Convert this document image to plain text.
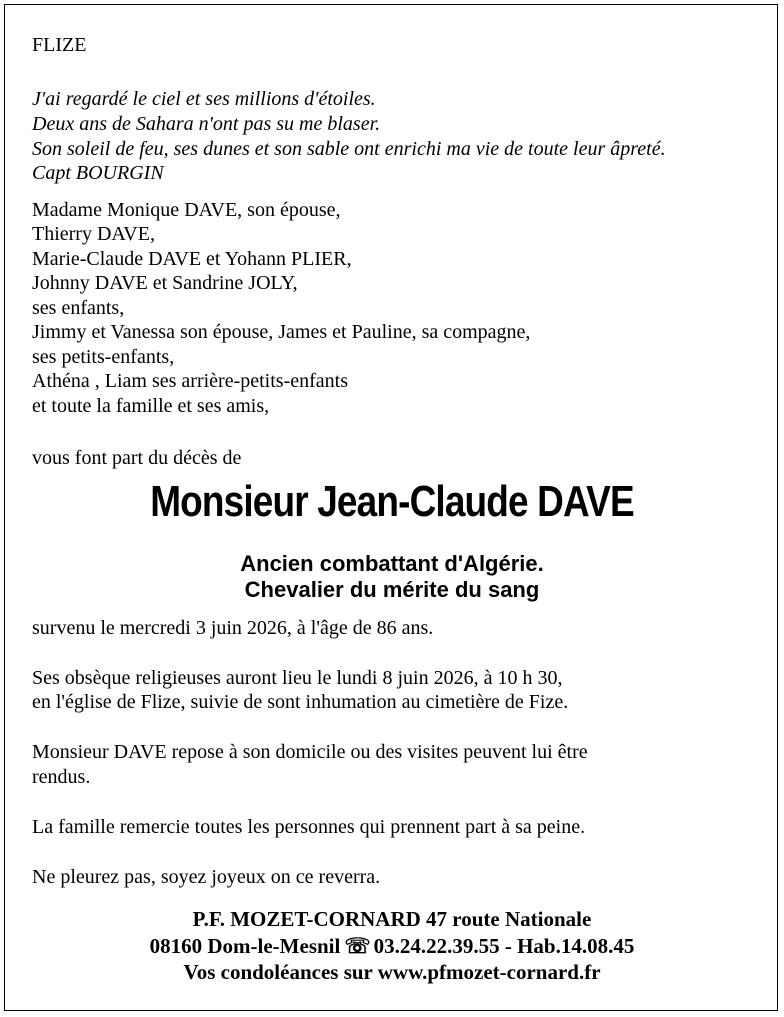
FLIZE

J'ai regardé le ciel et ses millions d'étoiles.

Deux ans de Sahara n'ont pas su me blaser.

Son soleil de feu, ses dunes et son sable ont enrichi ma vie de toute leur âpreté.

Capt BOURGIN

Madame Monique DAVE, son épouse,

Thierry DAVE,

Marie-Claude DAVE et Yohann PLIER,

Johnny DAVE et Sandrine JOLY,

ses enfants,

Jimmy et Vanessa son épouse, James et Pauline, sa compagne,

ses petits-enfants,

Athéna , Liam ses arrière-petits-enfants

et toute la famille et ses amis,

vous font part du décès de

Monsieur Jean-Claude DAVE

Ancien combattant d'Algérie.

Chevalier du mérite du sang

survenu le mercredi 3 juin 2026, à l'âge de 86 ans.

Ses obsèque religieuses auront lieu le lundi 8 juin 2026, à 10 h 30,

en l'église de Flize, suivie de sont inhumation au cimetière de Fize.

Monsieur DAVE repose à son domicile ou des visites peuvent lui être

rendus.

La famille remercie toutes les personnes qui prennent part à sa peine.

Ne pleurez pas, soyez joyeux on ce reverra.

P.F. MOZET-CORNARD 47 route Nationale

08160 Dom-le-Mesnil ☏ 03.24.22.39.55 - Hab.14.08.45

Vos condoléances sur www.pfmozet-cornard.fr
